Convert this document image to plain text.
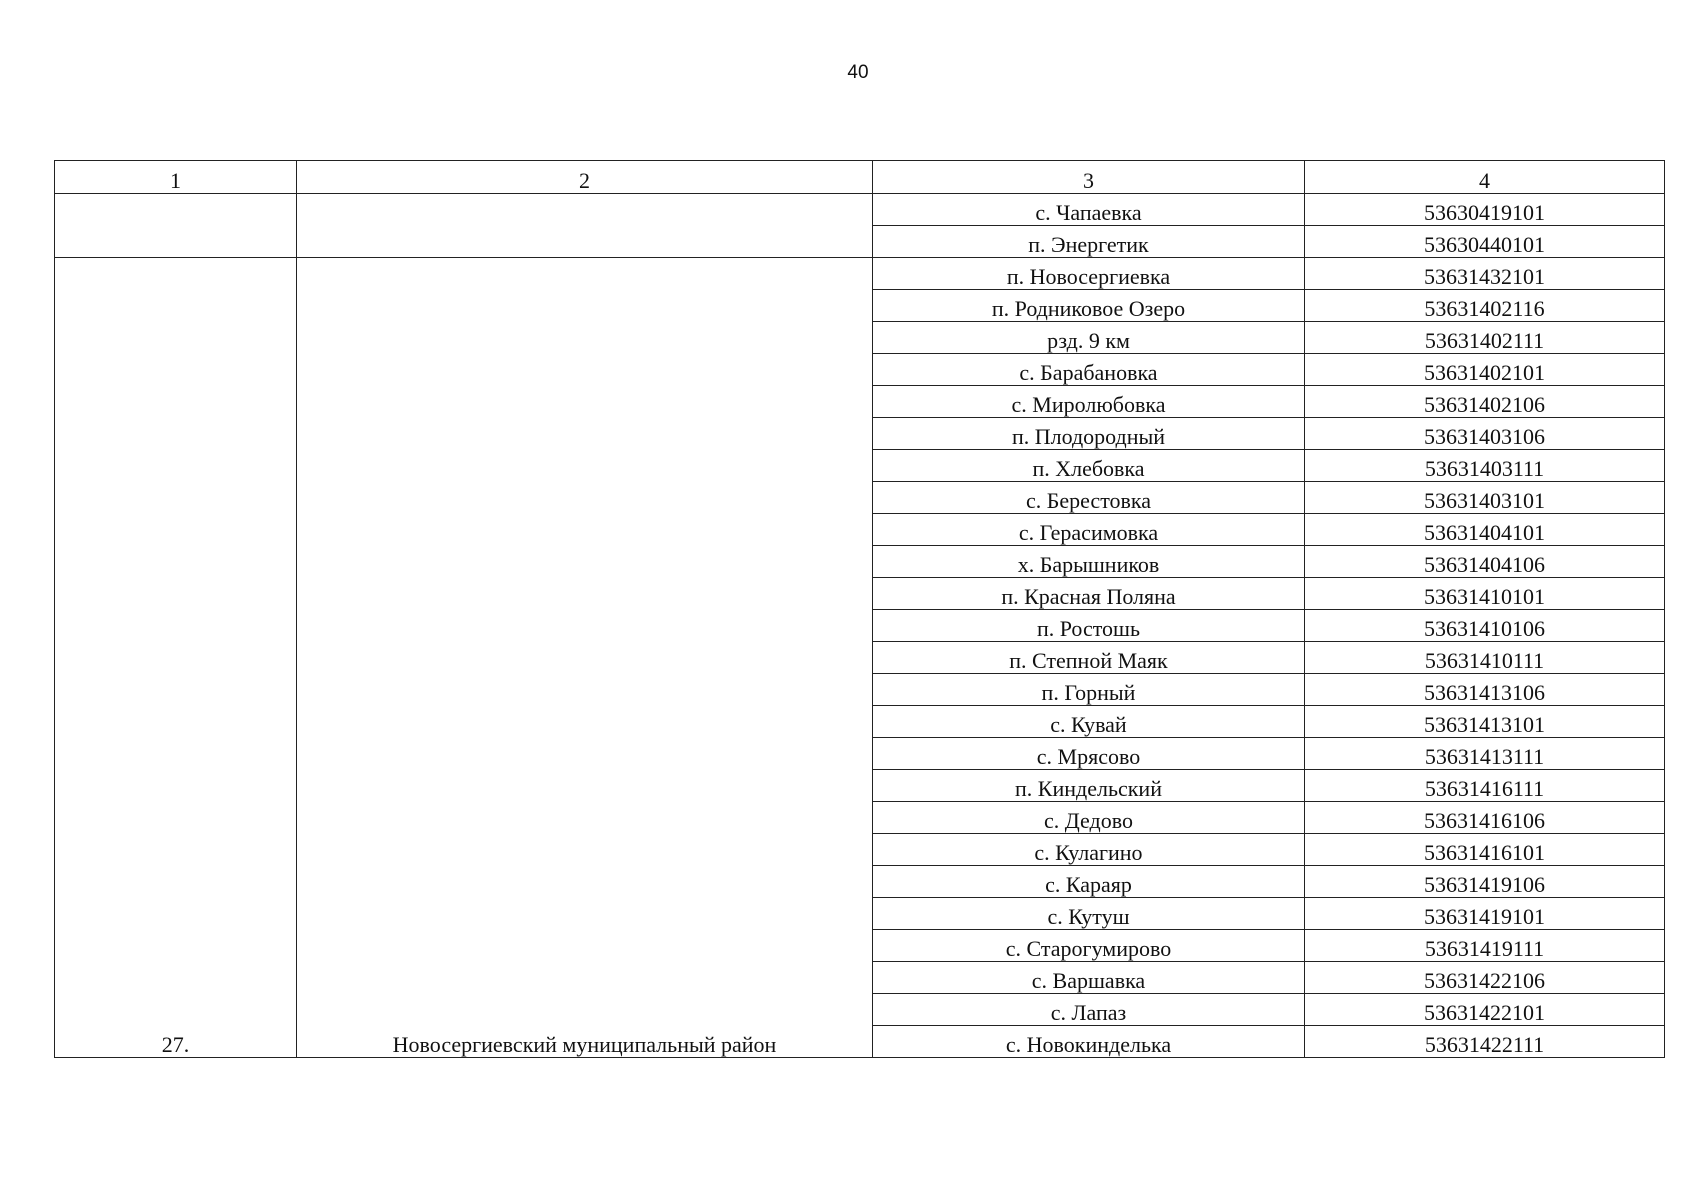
40
1	2	3	4
		с. Чапаевка	53630419101
		п. Энергетик	53630440101
27.	Новосергиевский муниципальный район	п. Новосергиевка	53631432101
		п. Родниковое Озеро	53631402116
		рзд. 9 км	53631402111
		с. Барабановка	53631402101
		с. Миролюбовка	53631402106
		п. Плодородный	53631403106
		п. Хлебовка	53631403111
		с. Берестовка	53631403101
		с. Герасимовка	53631404101
		х. Барышников	53631404106
		п. Красная Поляна	53631410101
		п. Ростошь	53631410106
		п. Степной Маяк	53631410111
		п. Горный	53631413106
		с. Кувай	53631413101
		с. Мрясово	53631413111
		п. Киндельский	53631416111
		с. Дедово	53631416106
		с. Кулагино	53631416101
		с. Караяр	53631419106
		с. Кутуш	53631419101
		с. Старогумирово	53631419111
		с. Варшавка	53631422106
		с. Лапаз	53631422101
		с. Новокинделька	53631422111
